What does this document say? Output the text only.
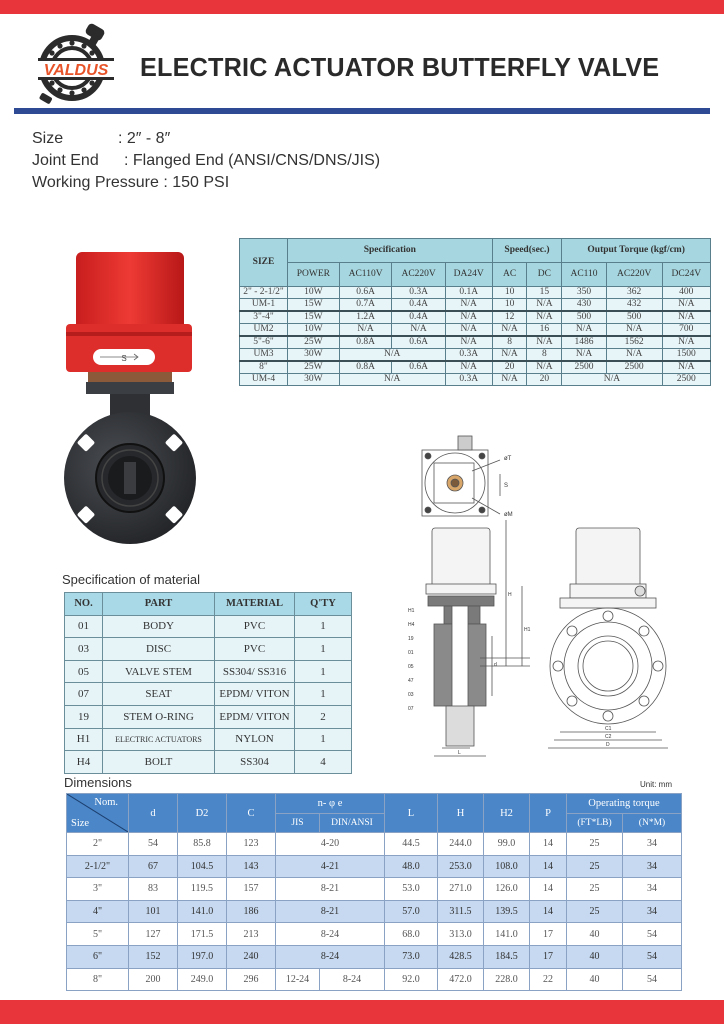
VALDUS ELECTRIC ACTUATOR BUTTERFLY VALVE
Size	: 2″ - 8″
Joint End	: Flanged End (ANSI/CNS/DNS/JIS)
Working Pressure
: 150 PSI
S
SIZE	Specification				Speed(sec.)		Output Torque (kgf/cm)		
	POWER	AC110V	AC220V	DA24V	AC	DC	AC110	AC220V	DC24V
2" - 2-1/2"	10W	0.6A	0.3A	0.1A	10	15	350	362	400
UM-1	15W	0.7A	0.4A	N/A	10	N/A	430	432	N/A
3"-4"	15W	1.2A	0.4A	N/A	12	N/A	500	500	N/A
UM2	10W	N/A	N/A	N/A	N/A	16	N/A	N/A	700
5"-6"	25W	0.8A	0.6A	N/A	8	N/A	1486	1562	N/A
UM3	30W	N/A		0.3A	N/A	8	N/A	N/A	1500
8"	25W	0.8A	0.6A	N/A	20	N/A	2500	2500	N/A
UM-4	30W	N/A		0.3A	N/A	20	N/A		2500
øT
øM
S
H1
H4
19
01
05
47
03
07
H
H1
d
L
C1
C2
D
Specification of material
NO.	PART	MATERIAL	Q'TY
01	BODY	PVC	1
03	DISC	PVC	1
05	VALVE STEM	SS304/ SS316	1
07	SEAT	EPDM/ VITON	1
19	STEM O-RING	EPDM/ VITON	2
H1	ELECTRIC ACTUATORS	NYLON	1
H4	BOLT	SS304	4
Dimensions	Unit: mm
Nom.
Size	d	D2	C	n- φ e		L	H	H2	P	Operating torque	
				JIS	DIN/ANSI					(FT*LB)	(N*M)
2"	54	85.8	123	4-20		44.5	244.0	99.0	14	25	34
2-1/2"	67	104.5	143	4-21		48.0	253.0	108.0	14	25	34
3"	83	119.5	157	8-21		53.0	271.0	126.0	14	25	34
4"	101	141.0	186	8-21		57.0	311.5	139.5	14	25	34
5"	127	171.5	213	8-24		68.0	313.0	141.0	17	40	54
6"	152	197.0	240	8-24		73.0	428.5	184.5	17	40	54
8"	200	249.0	296	12-24	8-24	92.0	472.0	228.0	22	40	54
